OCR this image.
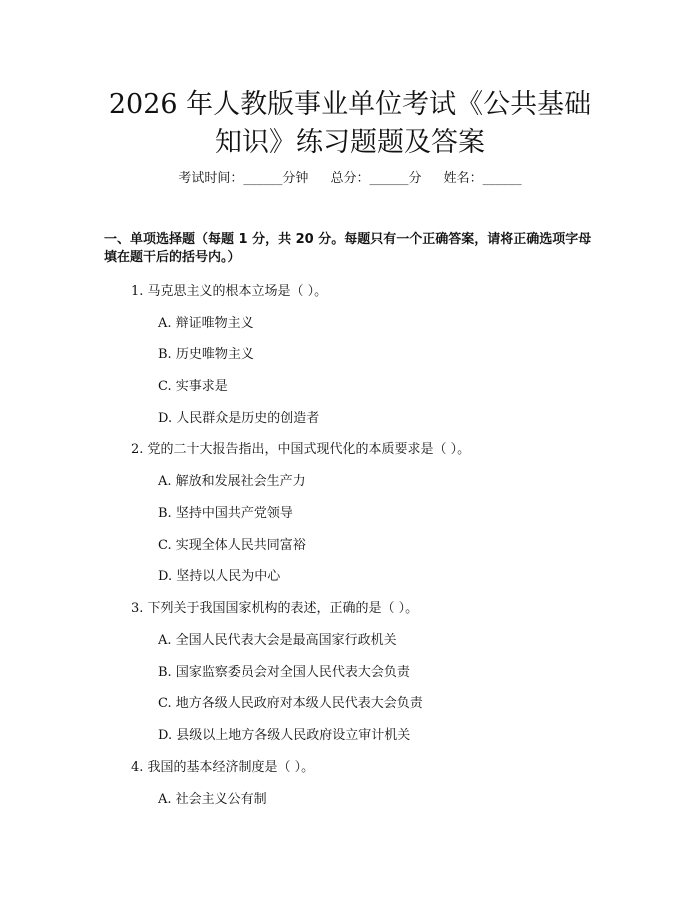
2026 年人教版事业单位考试《公共基础知识》练习题题及答案
考试时间：______分钟 总分：______分 姓名：______
一、单项选择题（每题 1 分，共 20 分。每题只有一个正确答案，请将正确选项字母填在题干后的括号内。）
1. 马克思主义的根本立场是（ ）。
A. 辩证唯物主义
B. 历史唯物主义
C. 实事求是
D. 人民群众是历史的创造者
2. 党的二十大报告指出，中国式现代化的本质要求是（ ）。
A. 解放和发展社会生产力
B. 坚持中国共产党领导
C. 实现全体人民共同富裕
D. 坚持以人民为中心
3. 下列关于我国国家机构的表述，正确的是（ ）。
A. 全国人民代表大会是最高国家行政机关
B. 国家监察委员会对全国人民代表大会负责
C. 地方各级人民政府对本级人民代表大会负责
D. 县级以上地方各级人民政府设立审计机关
4. 我国的基本经济制度是（ ）。
A. 社会主义公有制
